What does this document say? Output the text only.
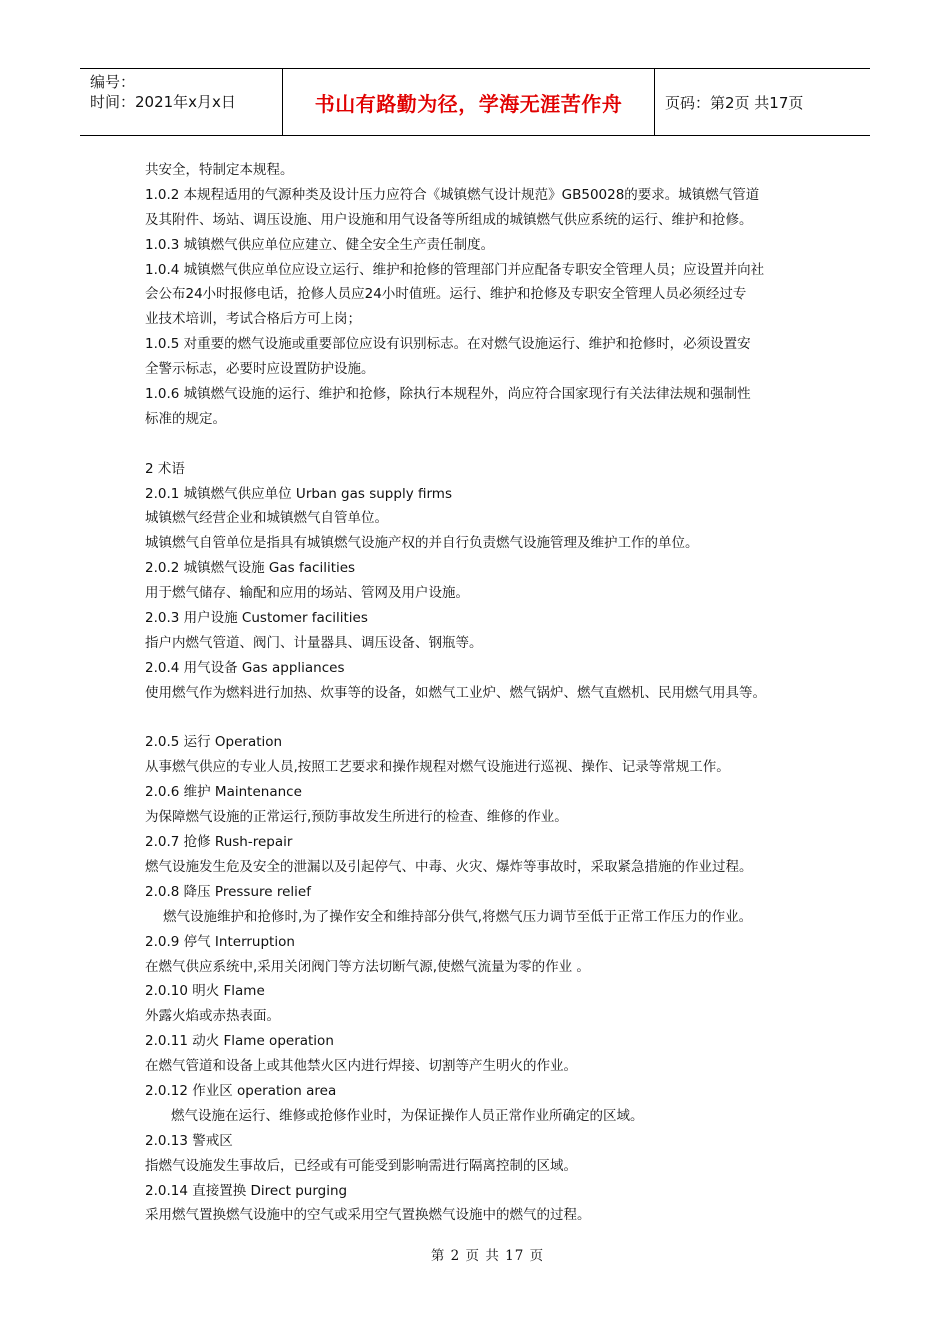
编号：
时间：2021年x月x日	书山有路勤为径，学海无涯苦作舟	页码：第2页 共17页
共安全，特制定本规程。
1.0.2 本规程适用的气源种类及设计压力应符合《城镇燃气设计规范》GB50028的要求。城镇燃气管道
及其附件、场站、调压设施、用户设施和用气设备等所组成的城镇燃气供应系统的运行、维护和抢修。
1.0.3 城镇燃气供应单位应建立、健全安全生产责任制度。
1.0.4 城镇燃气供应单位应设立运行、维护和抢修的管理部门并应配备专职安全管理人员；应设置并向社
会公布24小时报修电话，抢修人员应24小时值班。运行、维护和抢修及专职安全管理人员必须经过专
业技术培训，考试合格后方可上岗；
1.0.5 对重要的燃气设施或重要部位应设有识别标志。在对燃气设施运行、维护和抢修时，必须设置安
全警示标志，必要时应设置防护设施。
1.0.6 城镇燃气设施的运行、维护和抢修，除执行本规程外，尚应符合国家现行有关法律法规和强制性
标准的规定。
2 术语
2.0.1 城镇燃气供应单位 Urban gas supply firms
城镇燃气经营企业和城镇燃气自管单位。
城镇燃气自管单位是指具有城镇燃气设施产权的并自行负责燃气设施管理及维护工作的单位。
2.0.2 城镇燃气设施 Gas facilities
用于燃气储存、输配和应用的场站、管网及用户设施。
2.0.3 用户设施 Customer facilities
指户内燃气管道、阀门、计量器具、调压设备、钢瓶等。
2.0.4 用气设备 Gas appliances
使用燃气作为燃料进行加热、炊事等的设备，如燃气工业炉、燃气锅炉、燃气直燃机、民用燃气用具等。
2.0.5 运行 Operation
从事燃气供应的专业人员,按照工艺要求和操作规程对燃气设施进行巡视、操作、记录等常规工作。
2.0.6 维护 Maintenance
为保障燃气设施的正常运行,预防事故发生所进行的检查、维修的作业。
2.0.7 抢修 Rush-repair
燃气设施发生危及安全的泄漏以及引起停气、中毒、火灾、爆炸等事故时，采取紧急措施的作业过程。
2.0.8 降压 Pressure relief
燃气设施维护和抢修时,为了操作安全和维持部分供气,将燃气压力调节至低于正常工作压力的作业。
2.0.9 停气 Interruption
在燃气供应系统中,采用关闭阀门等方法切断气源,使燃气流量为零的作业 。
2.0.10 明火 Flame
外露火焰或赤热表面。
2.0.11 动火 Flame operation
在燃气管道和设备上或其他禁火区内进行焊接、切割等产生明火的作业。
2.0.12 作业区 operation area
燃气设施在运行、维修或抢修作业时，为保证操作人员正常作业所确定的区域。
2.0.13 警戒区
指燃气设施发生事故后，已经或有可能受到影响需进行隔离控制的区域。
2.0.14 直接置换 Direct purging
采用燃气置换燃气设施中的空气或采用空气置换燃气设施中的燃气的过程。
第 2 页 共 17 页
